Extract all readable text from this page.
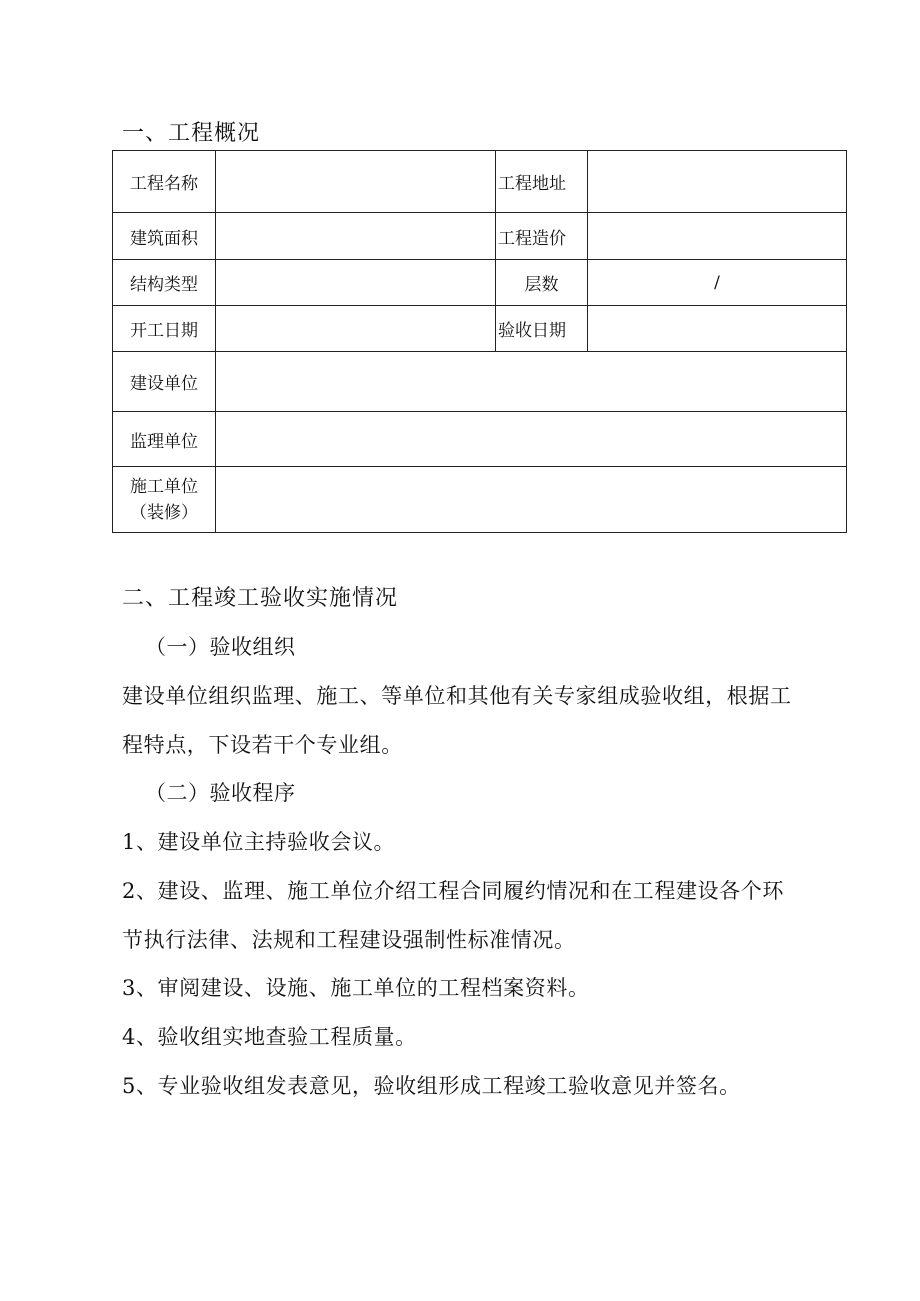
一、工程概况
工程名称		工程地址	
建筑面积		工程造价	
结构类型		层数	/
开工日期		验收日期	
建设单位			
监理单位			

施工单位
（装修）			

二、工程竣工验收实施情况
（一）验收组织
建设单位组织监理、施工、等单位和其他有关专家组成验收组，根据工
程特点，下设若干个专业组。
（二）验收程序
1、建设单位主持验收会议。
2、建设、监理、施工单位介绍工程合同履约情况和在工程建设各个环
节执行法律、法规和工程建设强制性标准情况。
3、审阅建设、设施、施工单位的工程档案资料。
4、验收组实地查验工程质量。
5、专业验收组发表意见，验收组形成工程竣工验收意见并签名。
